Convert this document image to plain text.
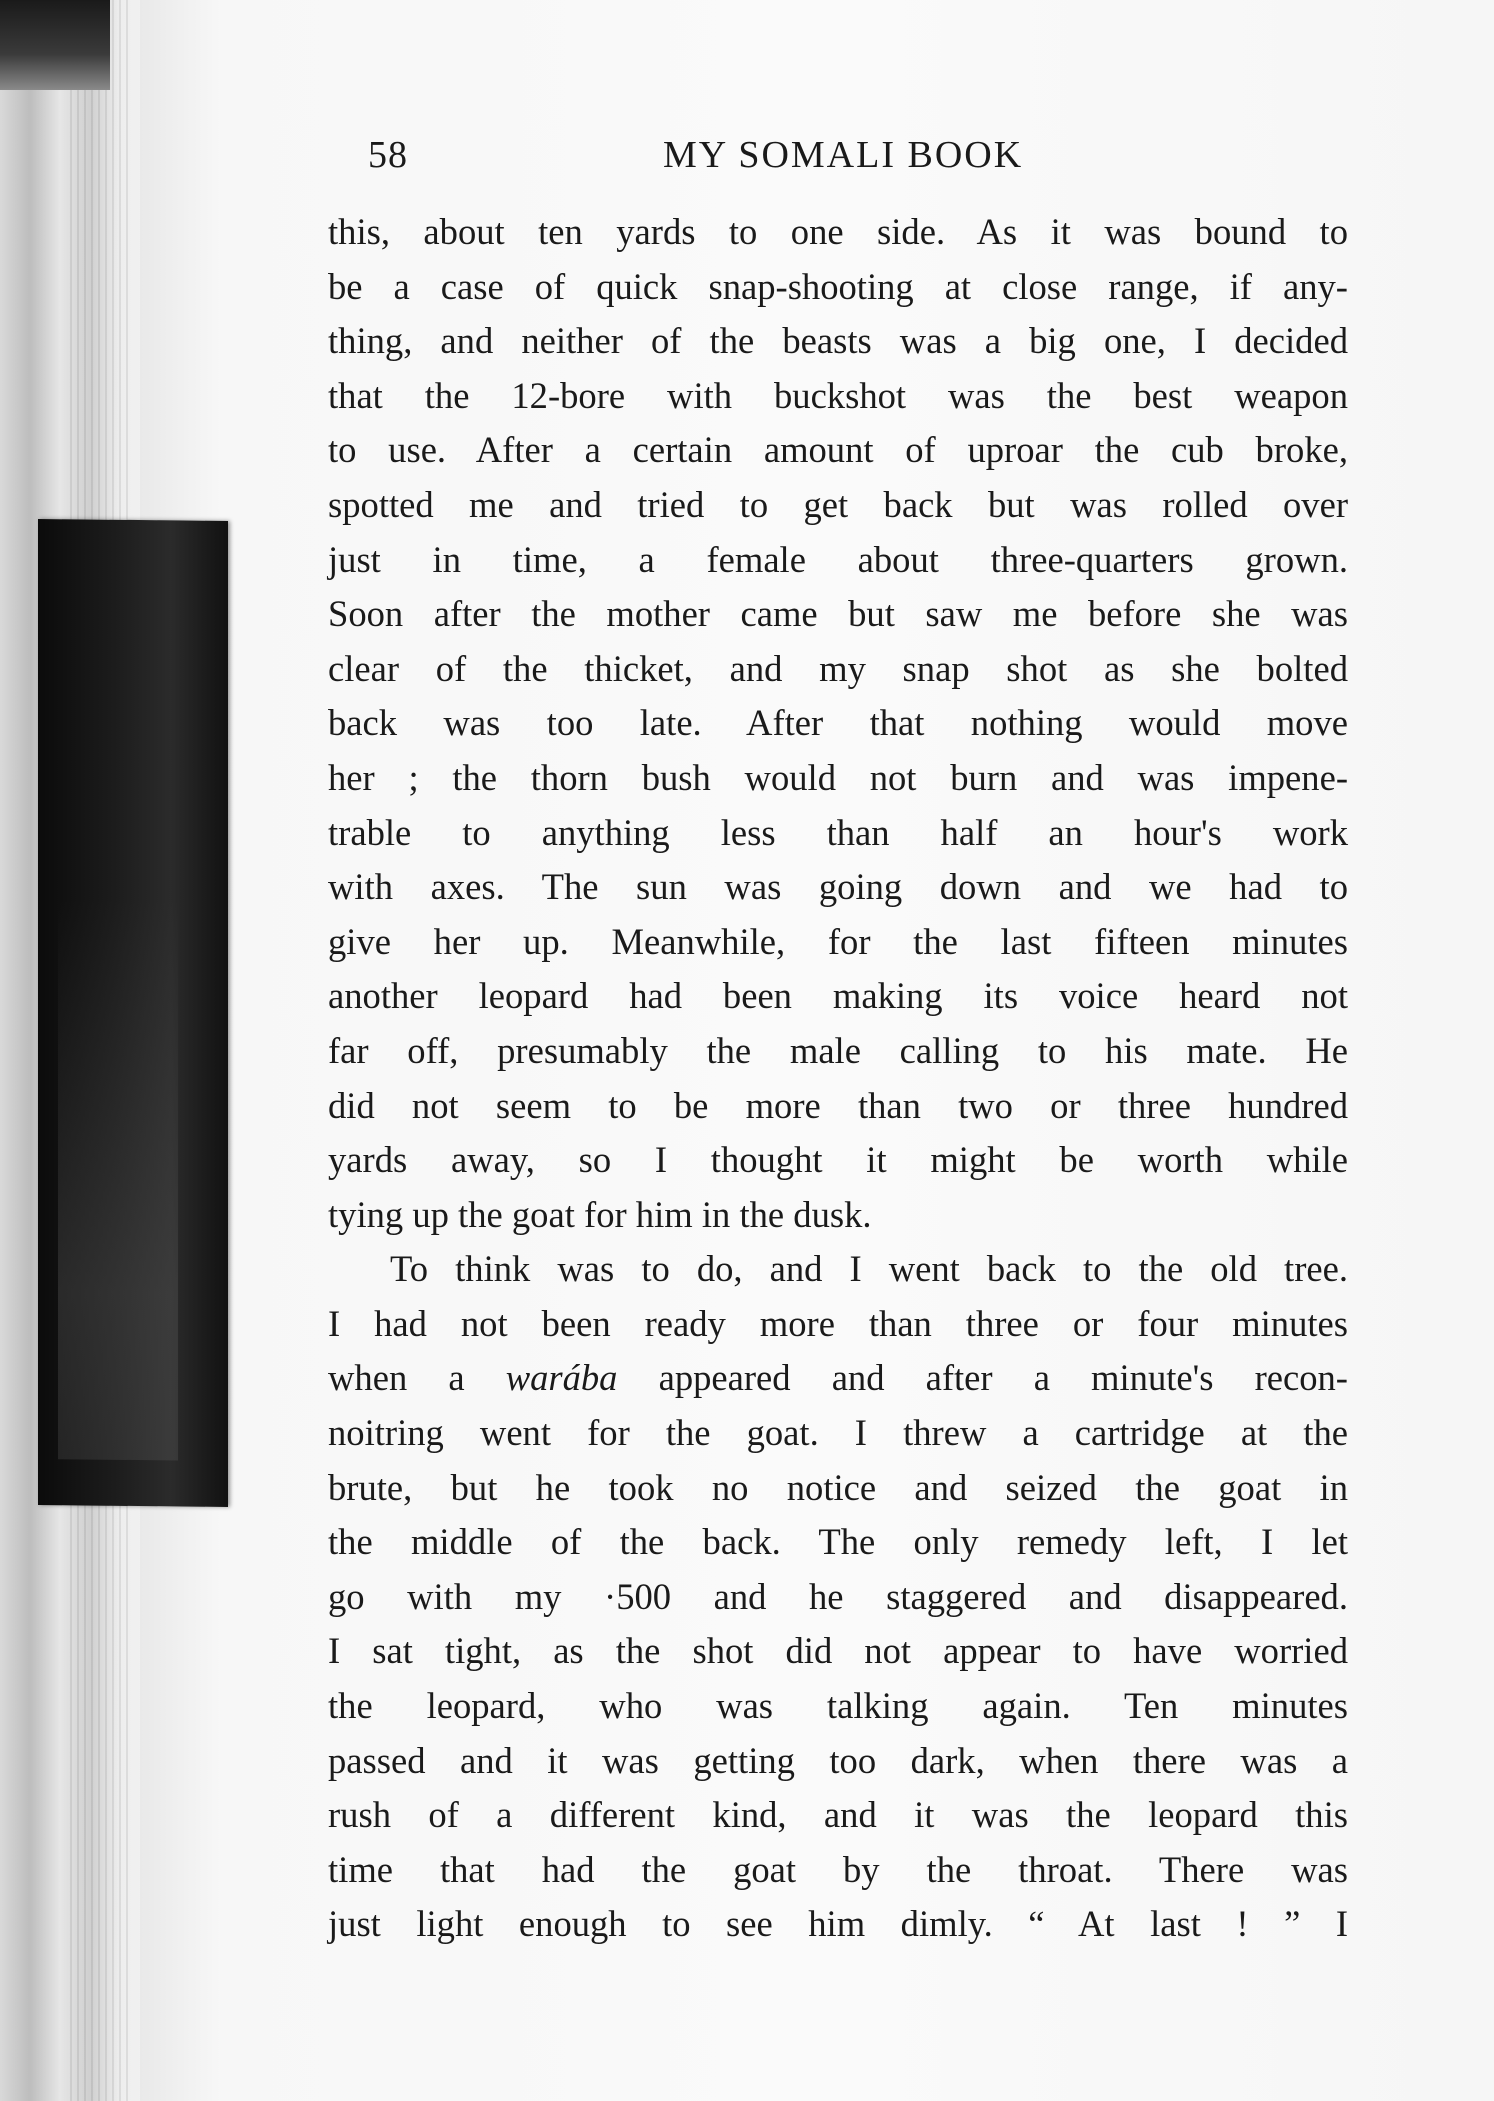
58	MY SOMALI BOOK
this, about ten yards to one side. As it was bound to
be a case of quick snap-shooting at close range, if any-
thing, and neither of the beasts was a big one, I decided
that the 12-bore with buckshot was the best weapon
to use. After a certain amount of uproar the cub broke,
spotted me and tried to get back but was rolled over
just in time, a female about three-quarters grown.
Soon after the mother came but saw me before she was
clear of the thicket, and my snap shot as she bolted
back was too late. After that nothing would move
her ; the thorn bush would not burn and was impene-
trable to anything less than half an hour's work
with axes. The sun was going down and we had to
give her up. Meanwhile, for the last fifteen minutes
another leopard had been making its voice heard not
far off, presumably the male calling to his mate. He
did not seem to be more than two or three hundred
yards away, so I thought it might be worth while
tying up the goat for him in the dusk.
To think was to do, and I went back to the old tree.
I had not been ready more than three or four minutes
when a warába appeared and after a minute's recon-
noitring went for the goat. I threw a cartridge at the
brute, but he took no notice and seized the goat in
the middle of the back. The only remedy left, I let
go with my ·500 and he staggered and disappeared.
I sat tight, as the shot did not appear to have worried
the leopard, who was talking again. Ten minutes
passed and it was getting too dark, when there was a
rush of a different kind, and it was the leopard this
time that had the goat by the throat. There was
just light enough to see him dimly. “ At last ! ” I
